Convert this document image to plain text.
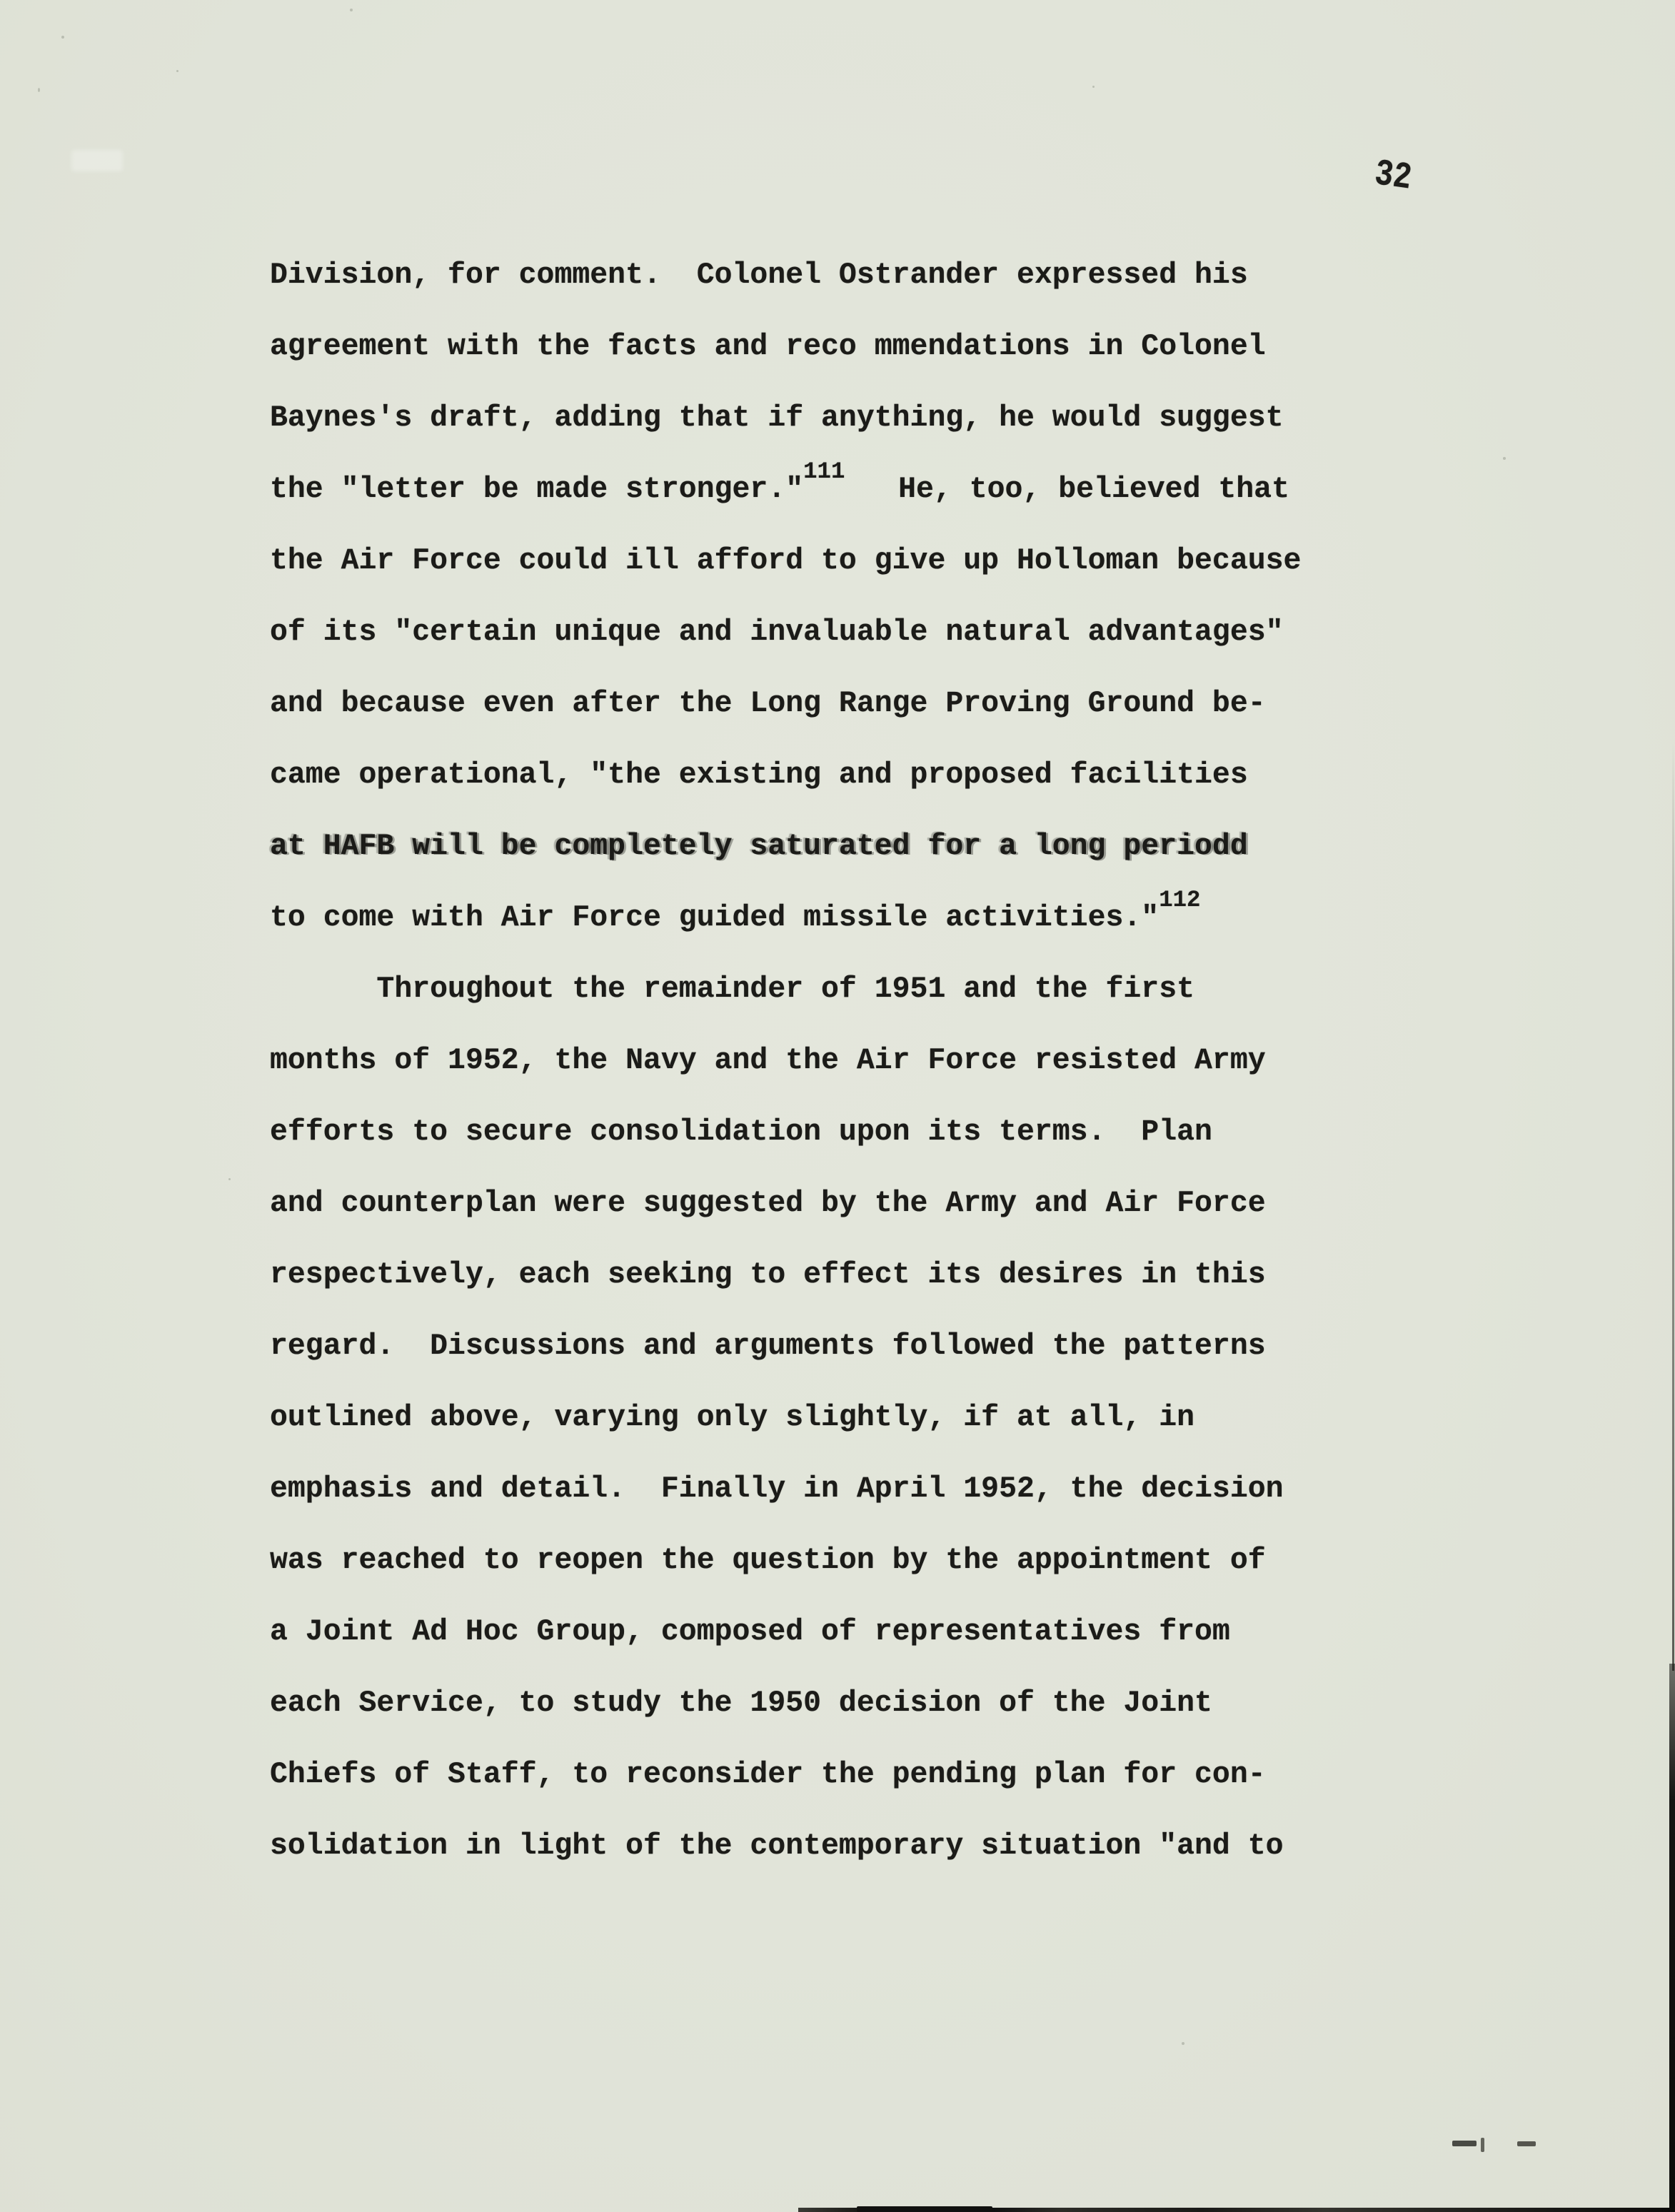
32
Division, for comment.  Colonel Ostrander expressed his
agreement with the facts and reco mmendations in Colonel
Baynes's draft, adding that if anything, he would suggest
the "letter be made stronger."$^{111}$   He, too, believed that
the Air Force could ill afford to give up Holloman because
of its "certain unique and invaluable natural advantages"
and because even after the Long Range Proving Ground be-
came operational, "the existing and proposed facilities
at HAFB will be completely saturated for a long periodd
to come with Air Force guided missile activities."$^{112}$
Throughout the remainder of 1951 and the first
months of 1952, the Navy and the Air Force resisted Army
efforts to secure consolidation upon its terms.  Plan
and counterplan were suggested by the Army and Air Force
respectively, each seeking to effect its desires in this
regard.  Discussions and arguments followed the patterns
outlined above, varying only slightly, if at all, in
emphasis and detail.  Finally in April 1952, the decision
was reached to reopen the question by the appointment of
a Joint Ad Hoc Group, composed of representatives from
each Service, to study the 1950 decision of the Joint
Chiefs of Staff, to reconsider the pending plan for con-
solidation in light of the contemporary situation "and to
